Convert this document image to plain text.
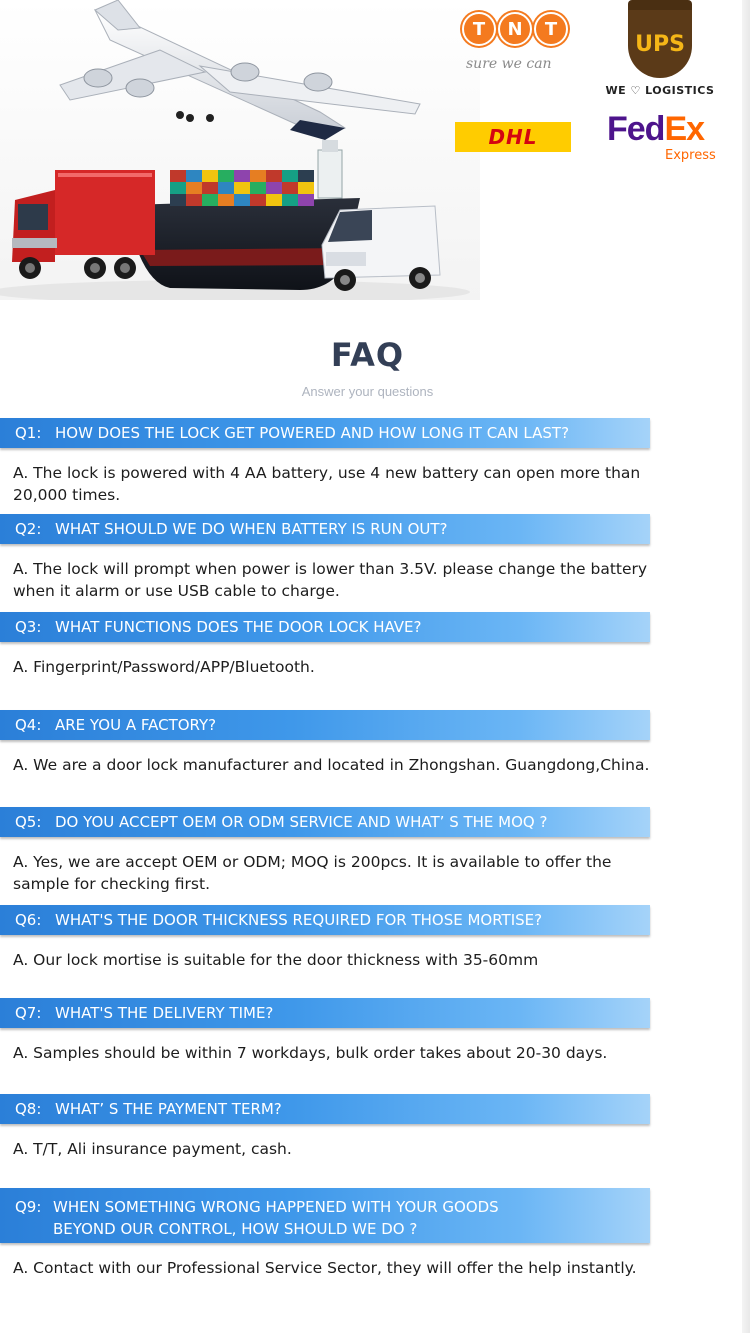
T	N	T
sure we can
UPS
WE ♡ LOGISTICS
DHL	FedEx
Express
FAQ
Answer your questions
Q1: HOW DOES THE LOCK GET POWERED AND HOW LONG IT CAN LAST?
A. The lock is powered with 4 AA battery, use 4 new battery can open more than 20,000 times.
Q2: WHAT SHOULD WE DO WHEN BATTERY IS RUN OUT?
A. The lock will prompt when power is lower than 3.5V. please change the battery when it alarm or use USB cable to charge.
Q3: WHAT FUNCTIONS DOES THE DOOR LOCK HAVE?
A. Fingerprint/Password/APP/Bluetooth.
Q4: ARE YOU A FACTORY?
A. We are a door lock manufacturer and located in Zhongshan. Guangdong,China.
Q5: DO YOU ACCEPT OEM OR ODM SERVICE AND WHAT’ S THE MOQ ?
A. Yes, we are accept OEM or ODM; MOQ is 200pcs. It is available to offer the sample for checking first.
Q6: WHAT'S THE DOOR THICKNESS REQUIRED FOR THOSE MORTISE?
A. Our lock mortise is suitable for the door thickness with 35-60mm
Q7: WHAT'S THE DELIVERY TIME?
A. Samples should be within 7 workdays, bulk order takes about 20-30 days.
Q8: WHAT’ S THE PAYMENT TERM?
A. T/T, Ali insurance payment, cash.
Q9: WHEN SOMETHING WRONG HAPPENED WITH YOUR GOODS
BEYOND OUR CONTROL, HOW SHOULD WE DO ?
A. Contact with our Professional Service Sector, they will offer the help instantly.
